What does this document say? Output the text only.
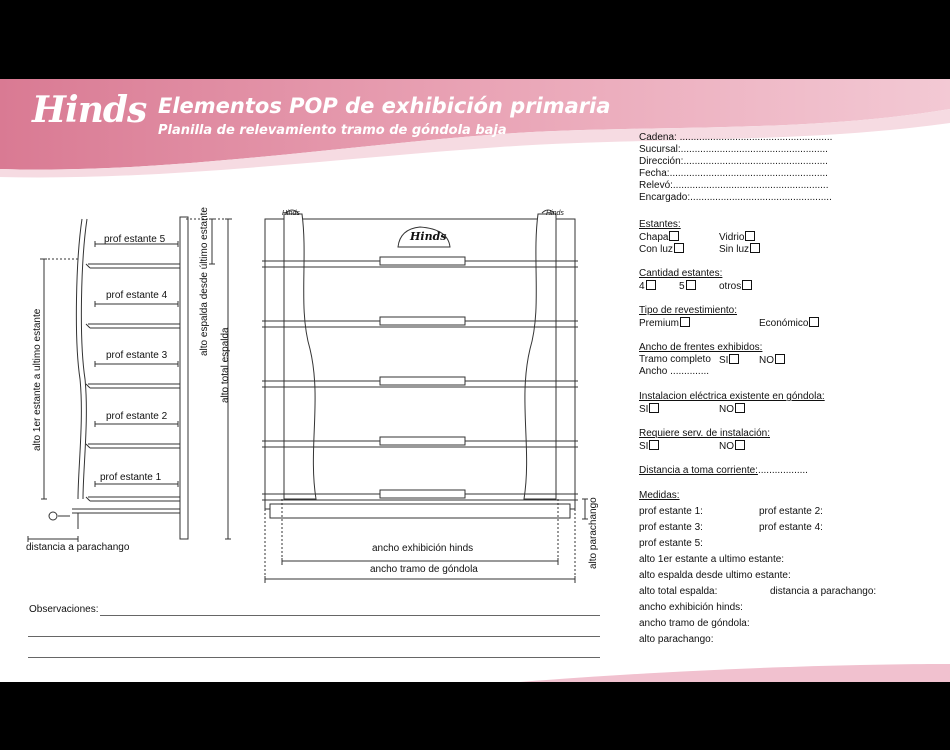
Hinds Elementos POP de exhibición primaria
Planilla de relevamiento tramo de góndola baja	Cadena: .......................................................
Sucursal:.....................................................
Dirección:....................................................
Fecha:.........................................................
Relevó:........................................................
Encargado:...................................................
Estantes:
Chapa	Vidrio
Con luz	Sin luz
Cantidad estantes:
4	5	otros
Tipo de revestimiento:
Premium	Económico
Ancho de frentes exhibidos:
Tramo completo SI	NO
Ancho ..............
Instalacion eléctrica existente en góndola:
SI	NO
Requiere serv. de instalación:
SI	NO
Distancia a toma corriente:..................
Medidas:
prof estante 1:	prof estante 2:
prof estante 3:	prof estante 4:
prof estante 5:
alto 1er estante a ultimo estante:
alto espalda desde ultimo estante:
alto total espalda:	distancia a parachango:
ancho exhibición hinds:
ancho tramo de góndola:
alto parachango:
prof estante 5
prof estante 4
prof estante 3
prof estante 2
prof estante 1
alto 1er estante a ultimo estante
alto espalda desde último estante
alto total espalda
distancia a parachango
Hinds	Hinds
Hinds
ancho exhibición hinds
ancho tramo de góndola
alto parachango
Observaciones:
